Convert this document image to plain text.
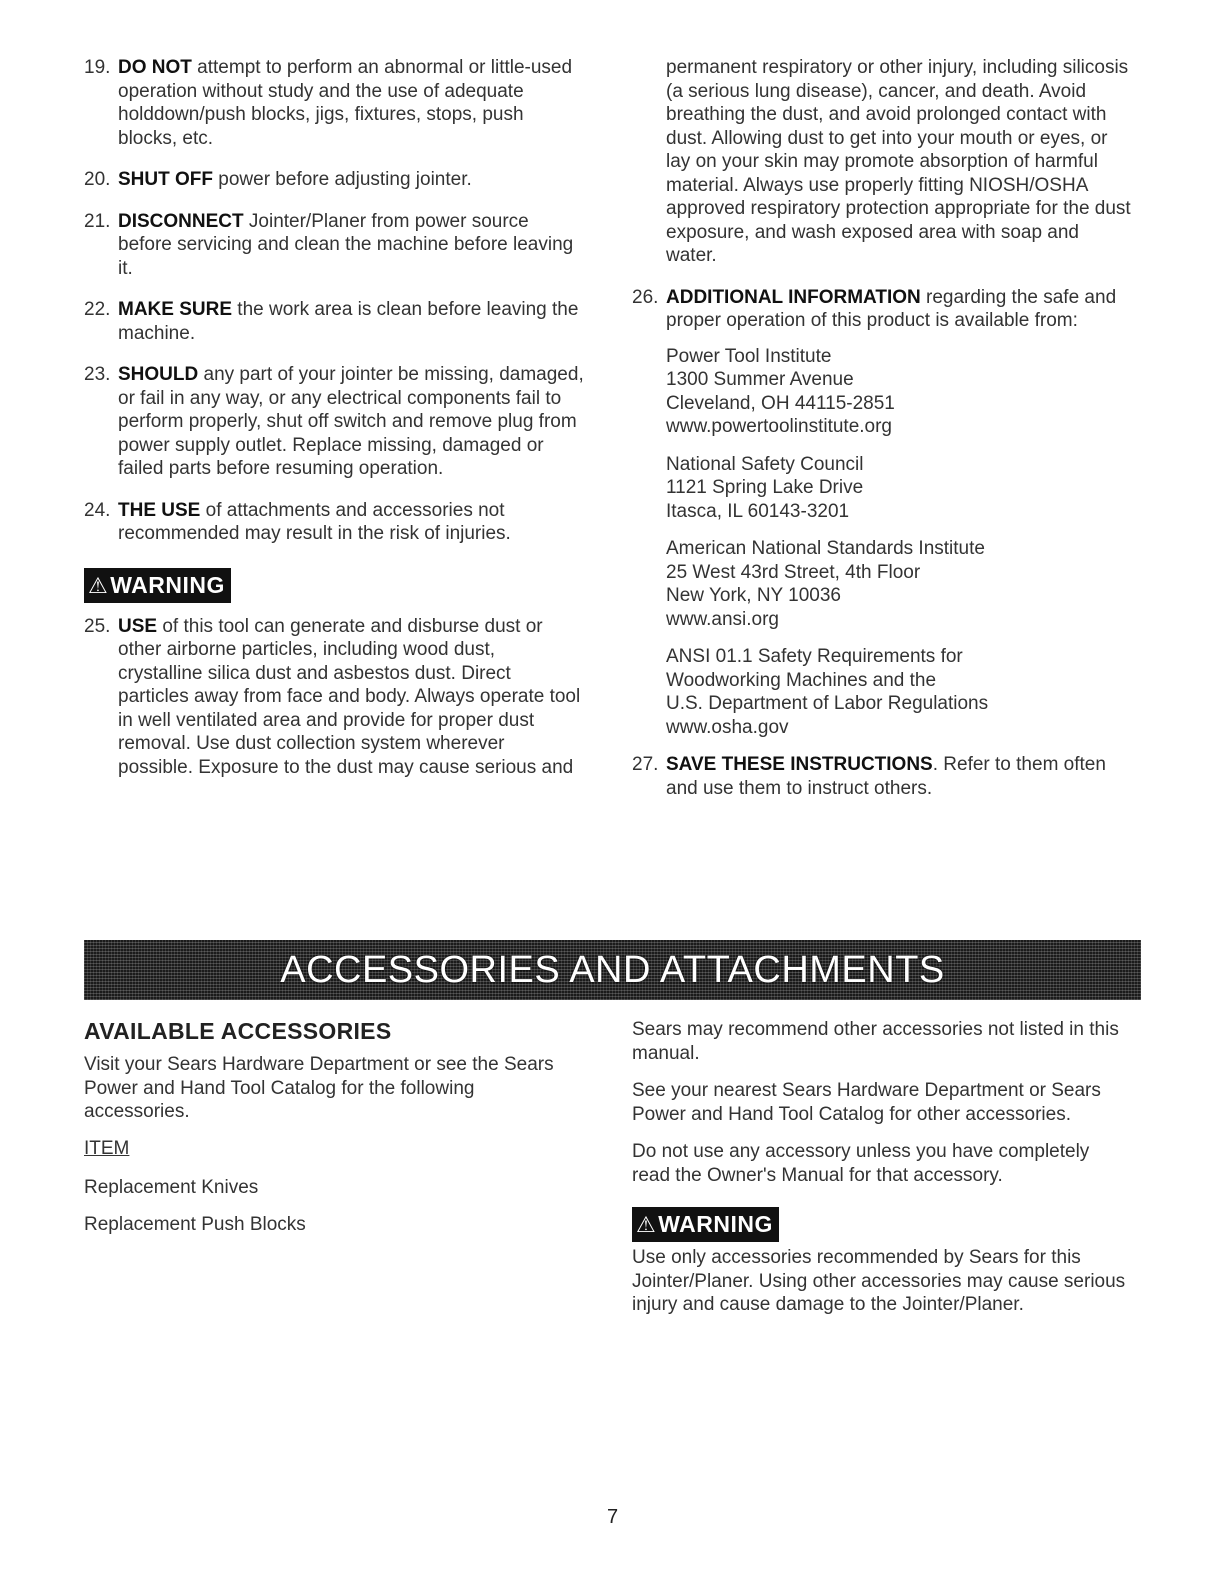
19. DO NOT attempt to perform an abnormal or little-used operation without study and the use of adequate holddown/push blocks, jigs, fixtures, stops, push blocks, etc.
20. SHUT OFF power before adjusting jointer.
21. DISCONNECT Jointer/Planer from power source before servicing and clean the machine before leaving it.
22. MAKE SURE the work area is clean before leaving the machine.
23. SHOULD any part of your jointer be missing, damaged, or fail in any way, or any electrical components fail to perform properly, shut off switch and remove plug from power supply outlet. Replace missing, damaged or failed parts before resuming operation.
24. THE USE of attachments and accessories not recommended may result in the risk of injuries.
⚠WARNING
25. USE of this tool can generate and disburse dust or other airborne particles, including wood dust, crystalline silica dust and asbestos dust. Direct particles away from face and body. Always operate tool in well ventilated area and provide for proper dust removal. Use dust collection system wherever possible. Exposure to the dust may cause serious and
permanent respiratory or other injury, including silicosis (a serious lung disease), cancer, and death. Avoid breathing the dust, and avoid prolonged contact with dust. Allowing dust to get into your mouth or eyes, or lay on your skin may promote absorption of harmful material. Always use properly fitting NIOSH/OSHA approved respiratory protection appropriate for the dust exposure, and wash exposed area with soap and water.
26. ADDITIONAL INFORMATION regarding the safe and proper operation of this product is available from:
Power Tool Institute
1300 Summer Avenue
Cleveland, OH 44115-2851
www.powertoolinstitute.org
National Safety Council
1121 Spring Lake Drive
Itasca, IL 60143-3201
American National Standards Institute
25 West 43rd Street, 4th Floor
New York, NY 10036
www.ansi.org
ANSI 01.1 Safety Requirements for
Woodworking Machines and the
U.S. Department of Labor Regulations
www.osha.gov
27. SAVE THESE INSTRUCTIONS. Refer to them often and use them to instruct others.
ACCESSORIES AND ATTACHMENTS
AVAILABLE ACCESSORIES
Visit your Sears Hardware Department or see the Sears Power and Hand Tool Catalog for the following accessories.
ITEM
Replacement Knives
Replacement Push Blocks
Sears may recommend other accessories not listed in this manual.
See your nearest Sears Hardware Department or Sears Power and Hand Tool Catalog for other accessories.
Do not use any accessory unless you have completely read the Owner's Manual for that accessory.
⚠WARNING
Use only accessories recommended by Sears for this Jointer/Planer. Using other accessories may cause serious injury and cause damage to the Jointer/Planer.
7
